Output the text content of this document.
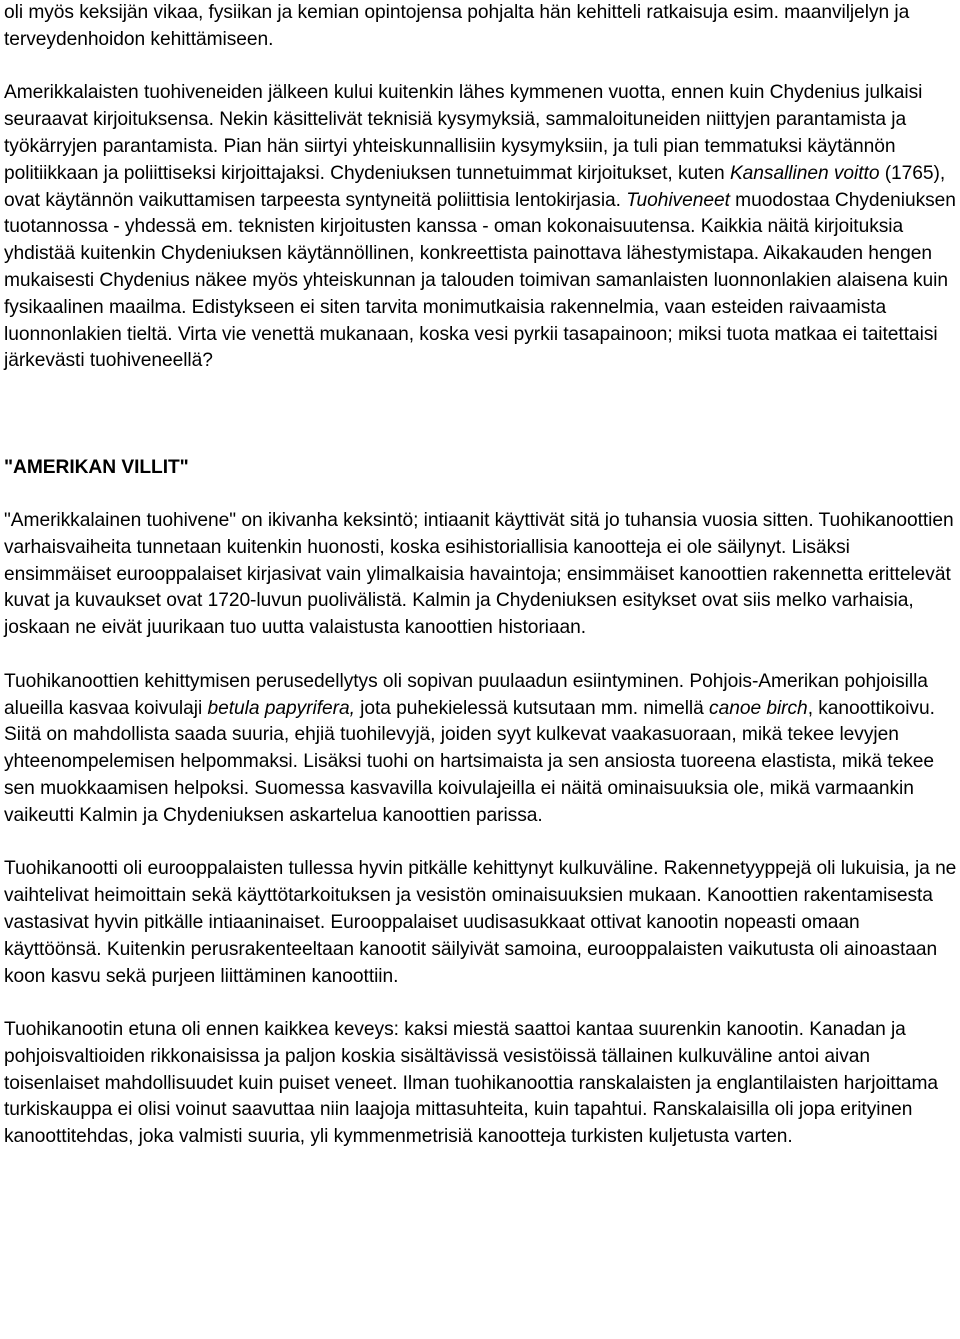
oli myös keksijän vikaa, fysiikan ja kemian opintojensa pohjalta hän kehitteli ratkaisuja esim. maanviljelyn ja terveydenhoidon kehittämiseen.

Amerikkalaisten tuohiveneiden jälkeen kului kuitenkin lähes kymmenen vuotta, ennen kuin Chydenius julkaisi seuraavat kirjoituksensa. Nekin käsittelivät teknisiä kysymyksiä, sammaloituneiden niittyjen parantamista ja työkärryjen parantamista. Pian hän siirtyi yhteiskunnallisiin kysymyksiin, ja tuli pian temmatuksi käytännön politiikkaan ja poliittiseksi kirjoittajaksi. Chydeniuksen tunnetuimmat kirjoitukset, kuten Kansallinen voitto (1765), ovat käytännön vaikuttamisen tarpeesta syntyneitä poliittisia lentokirjasia. Tuohiveneet muodostaa Chydeniuksen tuotannossa - yhdessä em. teknisten kirjoitusten kanssa - oman kokonaisuutensa. Kaikkia näitä kirjoituksia yhdistää kuitenkin Chydeniuksen käytännöllinen, konkreettista painottava lähestymistapa. Aikakauden hengen mukaisesti Chydenius näkee myös yhteiskunnan ja talouden toimivan samanlaisten luonnonlakien alaisena kuin fysikaalinen maailma. Edistykseen ei siten tarvita monimutkaisia rakennelmia, vaan esteiden raivaamista luonnonlakien tieltä. Virta vie venettä mukanaan, koska vesi pyrkii tasapainoon; miksi tuota matkaa ei taitettaisi järkevästi tuohiveneellä?

"AMERIKAN VILLIT"

"Amerikkalainen tuohivene" on ikivanha keksintö; intiaanit käyttivät sitä jo tuhansia vuosia sitten. Tuohikanoottien varhaisvaiheita tunnetaan kuitenkin huonosti, koska esihistoriallisia kanootteja ei ole säilynyt. Lisäksi ensimmäiset eurooppalaiset kirjasivat vain ylimalkaisia havaintoja; ensimmäiset kanoottien rakennetta erittelevät kuvat ja kuvaukset ovat 1720-luvun puolivälistä. Kalmin ja Chydeniuksen esitykset ovat siis melko varhaisia, joskaan ne eivät juurikaan tuo uutta valaistusta kanoottien historiaan.

Tuohikanoottien kehittymisen perusedellytys oli sopivan puulaadun esiintyminen. Pohjois-Amerikan pohjoisilla alueilla kasvaa koivulaji betula papyrifera, jota puhekielessä kutsutaan mm. nimellä canoe birch, kanoottikoivu. Siitä on mahdollista saada suuria, ehjiä tuohilevyjä, joiden syyt kulkevat vaakasuoraan, mikä tekee levyjen yhteenompelemisen helpommaksi. Lisäksi tuohi on hartsimaista ja sen ansiosta tuoreena elastista, mikä tekee sen muokkaamisen helpoksi. Suomessa kasvavilla koivulajeilla ei näitä ominaisuuksia ole, mikä varmaankin vaikeutti Kalmin ja Chydeniuksen askartelua kanoottien parissa.

Tuohikanootti oli eurooppalaisten tullessa hyvin pitkälle kehittynyt kulkuväline. Rakennetyyppejä oli lukuisia, ja ne vaihtelivat heimoittain sekä käyttötarkoituksen ja vesistön ominaisuuksien mukaan. Kanoottien rakentamisesta vastasivat hyvin pitkälle intiaaninaiset. Eurooppalaiset uudisasukkaat ottivat kanootin nopeasti omaan käyttöönsä. Kuitenkin perusrakenteeltaan kanootit säilyivät samoina, eurooppalaisten vaikutusta oli ainoastaan koon kasvu sekä purjeen liittäminen kanoottiin.

Tuohikanootin etuna oli ennen kaikkea keveys: kaksi miestä saattoi kantaa suurenkin kanootin. Kanadan ja pohjoisvaltioiden rikkonaisissa ja paljon koskia sisältävissä vesistöissä tällainen kulkuväline antoi aivan toisenlaiset mahdollisuudet kuin puiset veneet. Ilman tuohikanoottia ranskalaisten ja englantilaisten harjoittama turkiskauppa ei olisi voinut saavuttaa niin laajoja mittasuhteita, kuin tapahtui. Ranskalaisilla oli jopa erityinen kanoottitehdas, joka valmisti suuria, yli kymmenmetrisiä kanootteja turkisten kuljetusta varten.
